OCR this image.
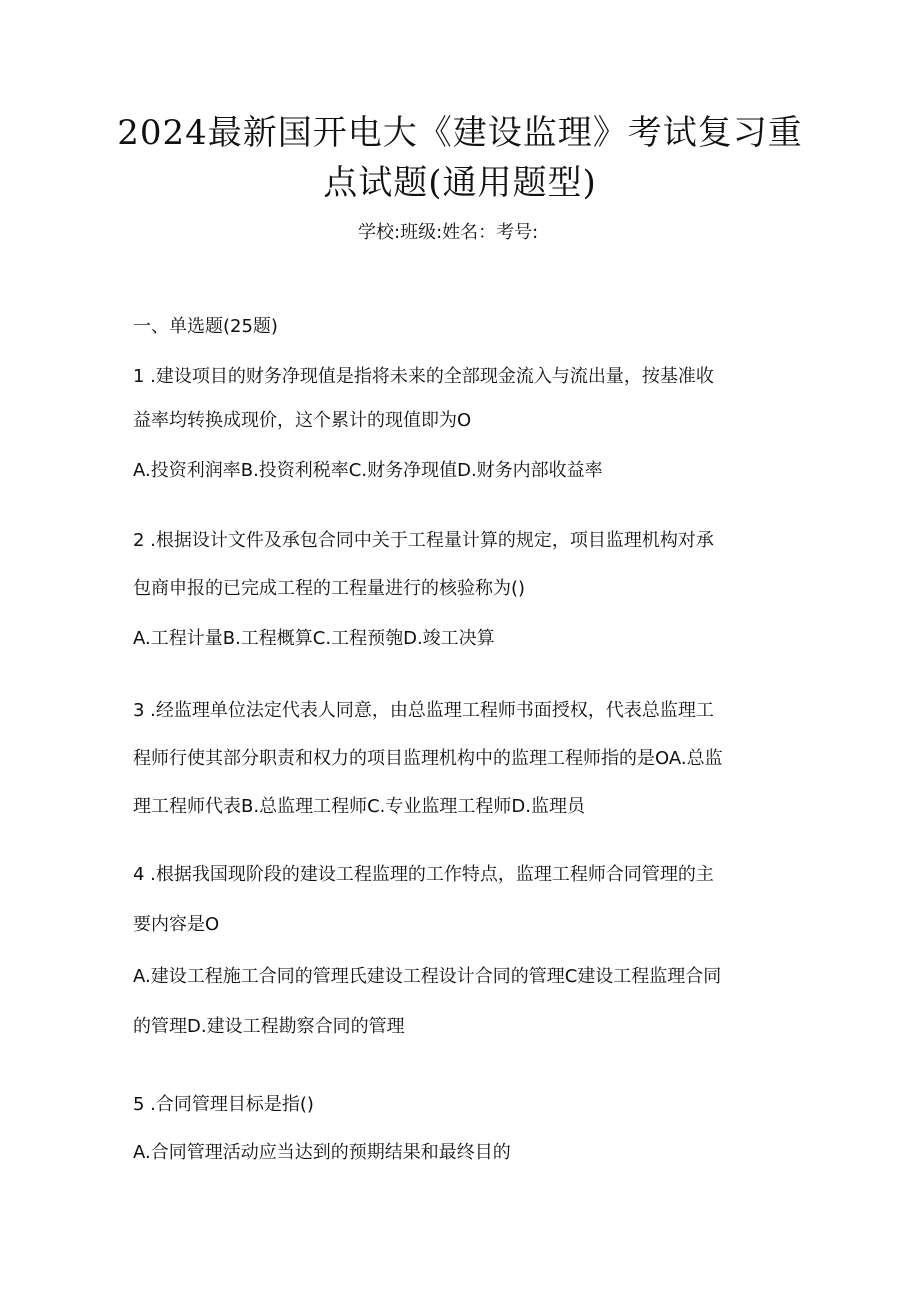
2024最新国开电大《建设监理》考试复习重
点试题(通用题型)
学校:班级:姓名：考号:
一、单选题(25题)
1 .建设项目的财务净现值是指将未来的全部现金流入与流出量，按基准收
益率均转换成现价，这个累计的现值即为O
A.投资利润率B.投资利税率C.财务净现值D.财务内部收益率
2 .根据设计文件及承包合同中关于工程量计算的规定，项目监理机构对承
包商申报的已完成工程的工程量进行的核验称为()
A.工程计量B.工程概算C.工程预匏D.竣工决算
3 .经监理单位法定代表人同意，由总监理工程师书面授权，代表总监理工
程师行使其部分职责和权力的项目监理机构中的监理工程师指的是OA.总监
理工程师代表B.总监理工程师C.专业监理工程师D.监理员
4 .根据我国现阶段的建设工程监理的工作特点，监理工程师合同管理的主
要内容是O
A.建设工程施工合同的管理氏建设工程设计合同的管理C建设工程监理合同
的管理D.建设工程勘察合同的管理
5 .合同管理目标是指()
A.合同管理活动应当达到的预期结果和最终目的
